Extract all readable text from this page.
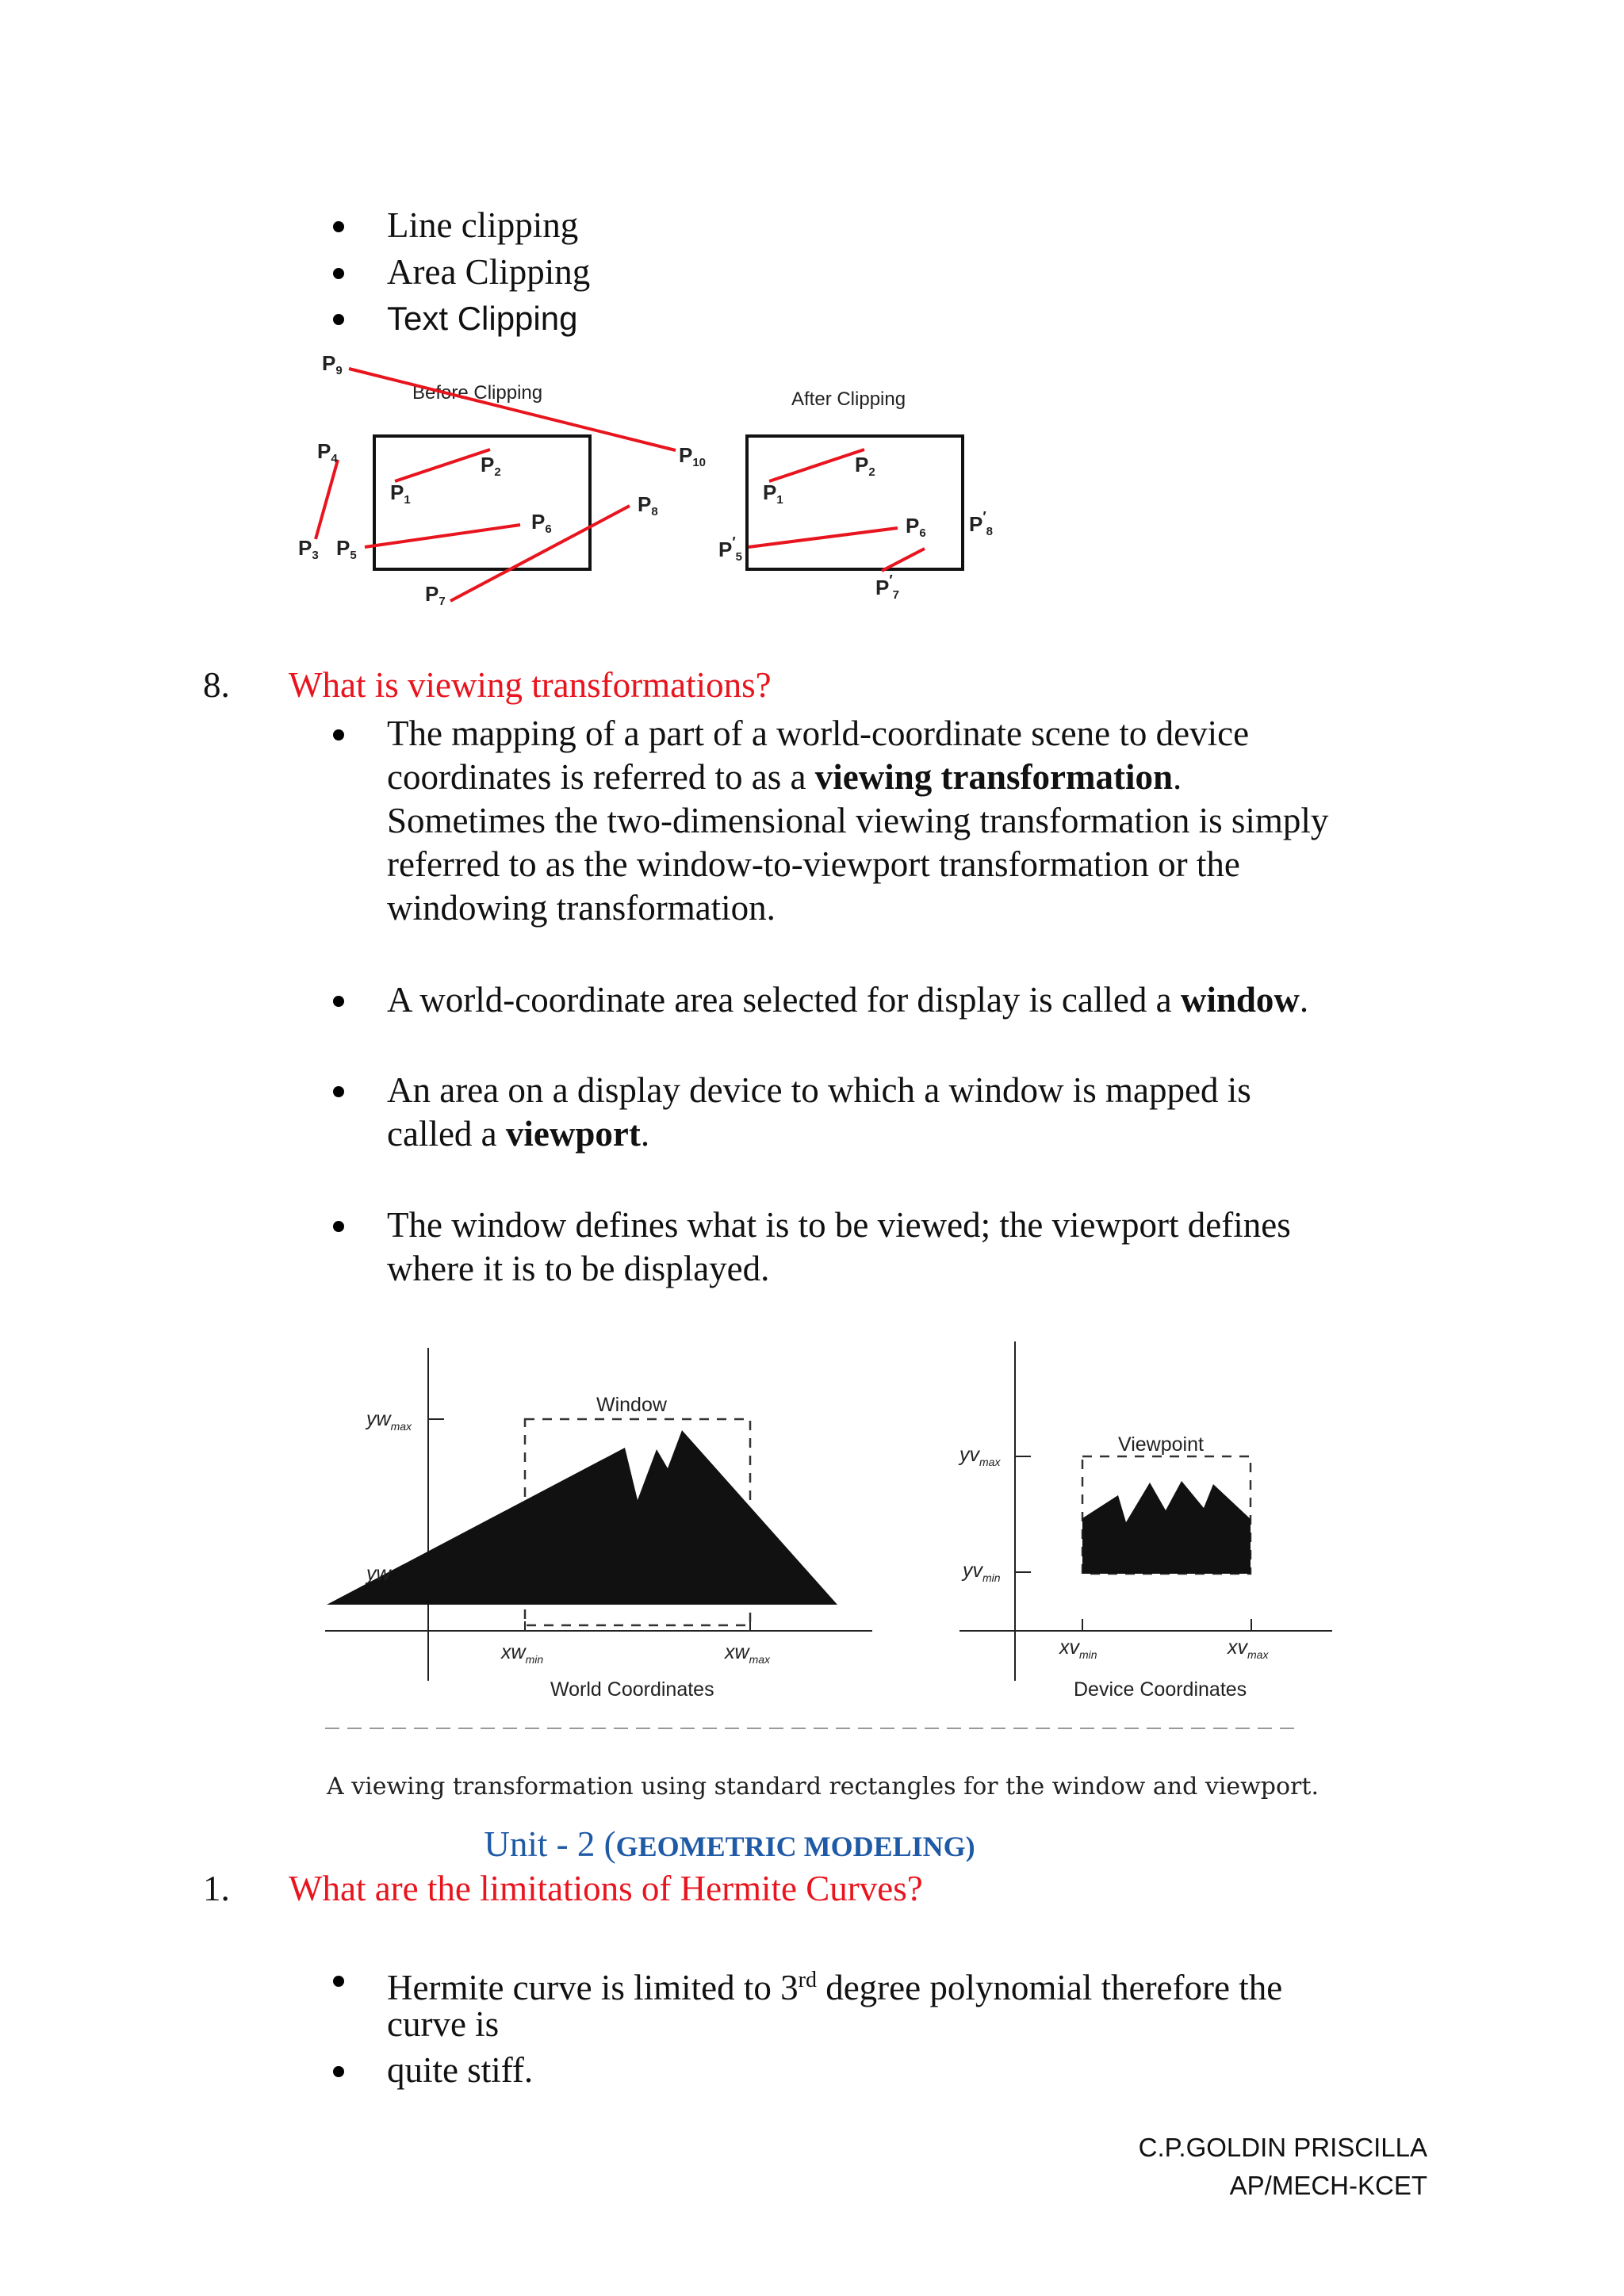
Line clipping
Area Clipping
Text Clipping
Before Clipping	After Clipping
P9
P4
P3 P5
P1
P2
P6
P7
P8
P10
P1
P2
P6
$P'_5$
$P'_7$
$P'_8$
8. What is viewing transformations?
The mapping of a part of a world-coordinate scene to device
coordinates is referred to as a viewing transformation.
Sometimes the two-dimensional viewing transformation is simply
referred to as the window-to-viewport transformation or the
windowing transformation.
A world-coordinate area selected for display is called a window.
An area on a display device to which a window is mapped is
called a viewport.
The window defines what is to be viewed; the viewport defines
where it is to be displayed.
Window
Viewpoint
$yw_{max}$
yw
$xw_{min}$	$xw_{max}$
World Coordinates
$yv_{max}$
$yv_{min}$
$xv_{min}$	$xv_{max}$
Device Coordinates
A viewing transformation using standard rectangles for the window and viewport.
Unit - 2 (GEOMETRIC MODELING)
1. What are the limitations of Hermite Curves?
Hermite curve is limited to 3rd degree polynomial therefore the
curve is
quite stiff.
C.P.GOLDIN PRISCILLA
AP/MECH-KCET
